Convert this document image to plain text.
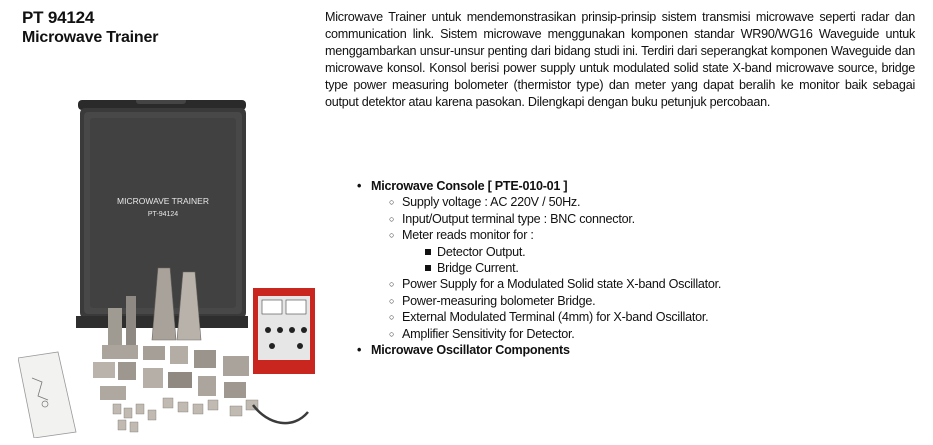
PT 94124
Microwave Trainer
MICROWAVE TRAINER
PT-94124

Microwave Trainer untuk mendemonstrasikan prinsip-prinsip sistem transmisi microwave seperti radar dan communication link. Sistem microwave menggunakan komponen standar WR90/WG16 Waveguide untuk menggambarkan unsur-unsur penting dari bidang studi ini. Terdiri dari seperangkat komponen Waveguide dan microwave konsol. Konsol berisi power supply untuk modulated solid state X-band microwave source, bridge type power measuring bolometer (thermistor type) dan meter yang dapat beralih ke monitor baik sebagai output detektor atau karena pasokan. Dilengkapi dengan buku petunjuk percobaan.

• Microwave Console [ PTE-010-01 ]
○ Supply voltage : AC 220V / 50Hz.
○ Input/Output terminal type : BNC connector.
○ Meter reads monitor for :
Detector Output.
Bridge Current.
○ Power Supply for a Modulated Solid state X-band Oscillator.
○ Power-measuring bolometer Bridge.
○ External Modulated Terminal (4mm) for X-band Oscillator.
○ Amplifier Sensitivity for Detector.
• Microwave Oscillator Components
